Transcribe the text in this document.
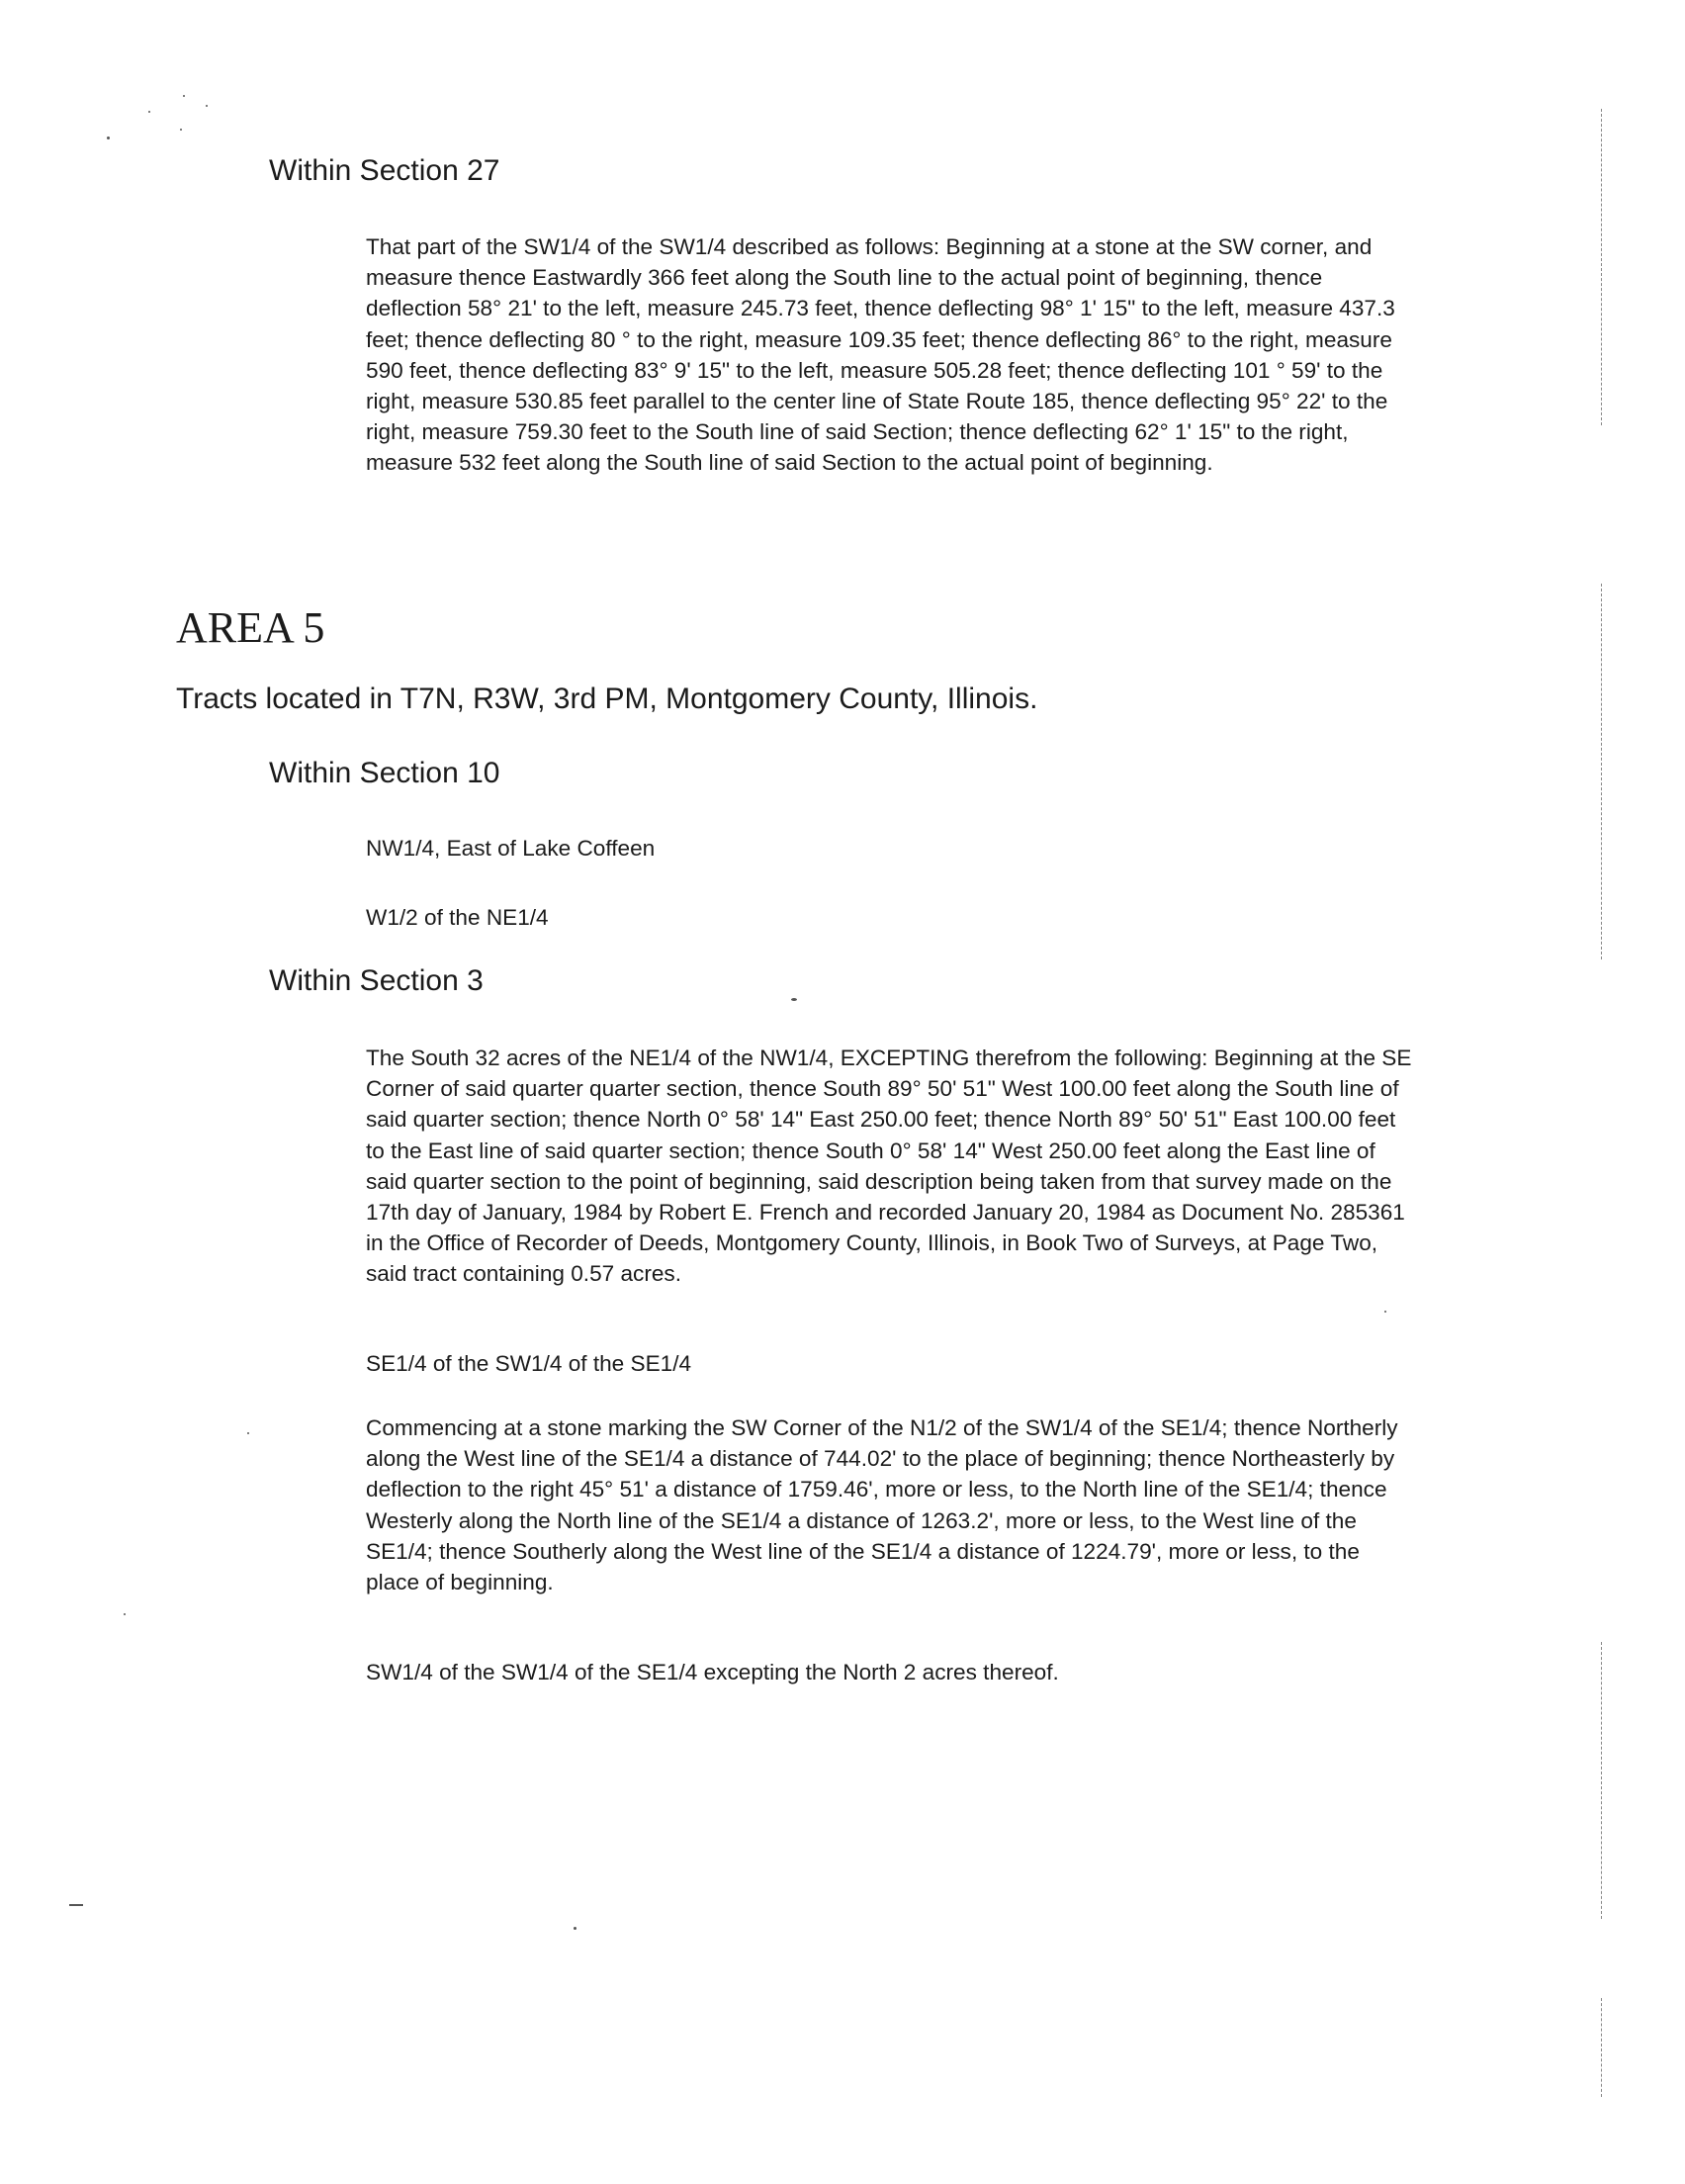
Within Section 27

That part of the SW1/4 of the SW1/4 described as follows: Beginning at a stone at the SW corner, and measure thence Eastwardly 366 feet along the South line to the actual point of beginning, thence deflection 58° 21' to the left, measure 245.73 feet, thence deflecting 98° 1' 15" to the left, measure 437.3 feet; thence deflecting 80 ° to the right, measure 109.35 feet; thence deflecting 86° to the right, measure 590 feet, thence deflecting 83° 9' 15" to the left, measure 505.28 feet; thence deflecting 101 ° 59' to the right, measure 530.85 feet parallel to the center line of State Route 185, thence deflecting 95° 22' to the right, measure 759.30 feet to the South line of said Section; thence deflecting 62° 1' 15" to the right, measure 532 feet along the South line of said Section to the actual point of beginning.

AREA 5
Tracts located in T7N, R3W, 3rd PM, Montgomery County, Illinois.
Within Section 10

NW1/4, East of Lake Coffeen

W1/2 of the NE1/4

Within Section 3

The South 32 acres of the NE1/4 of the NW1/4, EXCEPTING therefrom the following: Beginning at the SE Corner of said quarter quarter section, thence South 89° 50' 51" West 100.00 feet along the South line of said quarter section; thence North 0° 58' 14" East 250.00 feet; thence North 89° 50' 51" East 100.00 feet to the East line of said quarter section; thence South 0° 58' 14" West 250.00 feet along the East line of said quarter section to the point of beginning, said description being taken from that survey made on the 17th day of January, 1984 by Robert E. French and recorded January 20, 1984 as Document No. 285361 in the Office of Recorder of Deeds, Montgomery County, Illinois, in Book Two of Surveys, at Page Two, said tract containing 0.57 acres.

SE1/4 of the SW1/4 of the SE1/4

Commencing at a stone marking the SW Corner of the N1/2 of the SW1/4 of the SE1/4; thence Northerly along the West line of the SE1/4 a distance of 744.02' to the place of beginning; thence Northeasterly by deflection to the right 45° 51' a distance of 1759.46', more or less, to the North line of the SE1/4; thence Westerly along the North line of the SE1/4 a distance of 1263.2', more or less, to the West line of the SE1/4; thence Southerly along the West line of the SE1/4 a distance of 1224.79', more or less, to the place of beginning.

SW1/4 of the SW1/4 of the SE1/4 excepting the North 2 acres thereof.
